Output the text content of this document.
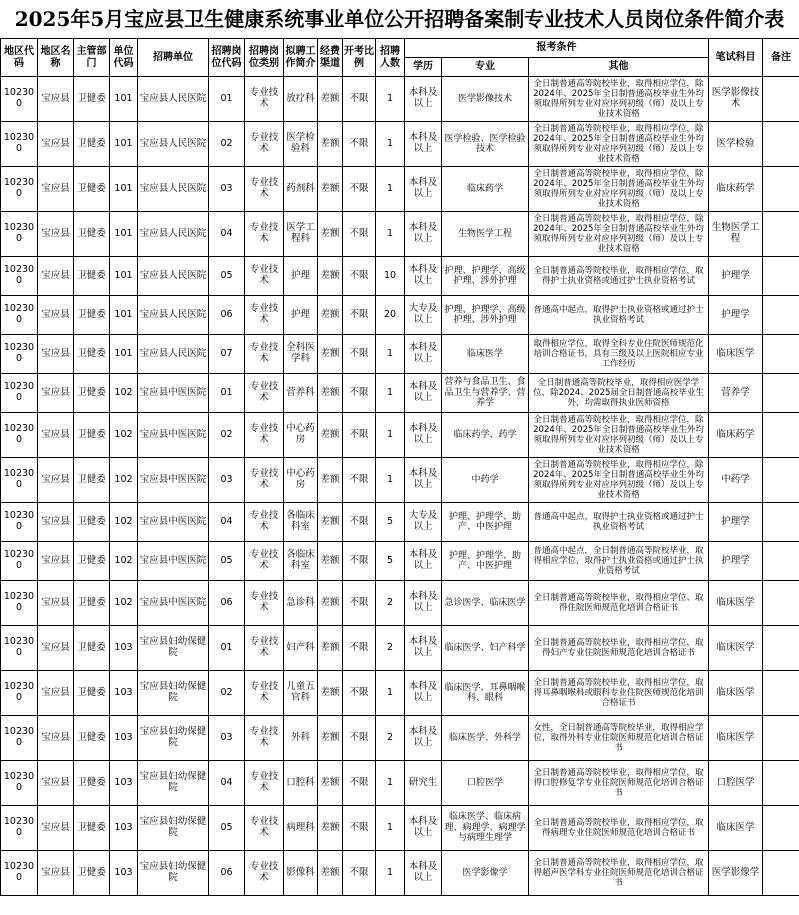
2025年5月宝应县卫生健康系统事业单位公开招聘备案制专业技术人员岗位条件简介表
地区代码	地区名称	主管部门	单位代码	招聘单位	招聘岗位代码	招聘岗位类别	拟聘工作简介	经费渠道	开考比例	招聘人数	报考条件			笔试科目	备注
											学历	专业	其他		
102300	宝应县	卫健委	101	宝应县人民医院	01	专业技术	放疗科	差额	不限	1	本科及以上	医学影像技术	全日制普通高等院校毕业，取得相应学位，除2024年、2025年全日制普通高校毕业生外均须取得所列专业对应序列初级（师）及以上专业技术资格	医学影像技术	
102300	宝应县	卫健委	101	宝应县人民医院	02	专业技术	医学检验科	差额	不限	1	本科及以上	医学检验、医学检验技术	全日制普通高等院校毕业，取得相应学位，除2024年、2025年全日制普通高校毕业生外均须取得所列专业对应序列初级（师）及以上专业技术资格	医学检验	
102300	宝应县	卫健委	101	宝应县人民医院	03	专业技术	药剂科	差额	不限	1	本科及以上	临床药学	全日制普通高等院校毕业，取得相应学位，除2024年、2025年全日制普通高校毕业生外均须取得所列专业对应序列初级（师）及以上专业技术资格	临床药学	
102300	宝应县	卫健委	101	宝应县人民医院	04	专业技术	医学工程科	差额	不限	1	本科及以上	生物医学工程	全日制普通高等院校毕业，取得相应学位，除2024年、2025年全日制普通高校毕业生外均须取得所列专业对应序列初级（师）及以上专业技术资格	生物医学工程	
102300	宝应县	卫健委	101	宝应县人民医院	05	专业技术	护理	差额	不限	10	本科及以上	护理、护理学、高级护理、涉外护理	全日制普通高等院校毕业，取得相应学位，取得护士执业资格或通过护士执业资格考试	护理学	
102300	宝应县	卫健委	101	宝应县人民医院	06	专业技术	护理	差额	不限	20	大专及以上	护理、护理学、高级护理、涉外护理	普通高中起点，取得护士执业资格或通过护士执业资格考试	护理学	
102300	宝应县	卫健委	101	宝应县人民医院	07	专业技术	全科医学科	差额	不限	1	本科及以上	临床医学	取得相应学位，取得全科专业住院医师规范化培训合格证书，具有三级及以上医院相应专业工作经历	临床医学	
102300	宝应县	卫健委	102	宝应县中医医院	01	专业技术	营养科	差额	不限	1	本科及以上	营养与食品卫生、食品卫生与营养学、营养学	全日制普通高等院校毕业，取得相应医学学位，除2024、2025届全日制普通高校毕业生外，均需取得执业医师资格	营养学	
102300	宝应县	卫健委	102	宝应县中医医院	02	专业技术	中心药房	差额	不限	1	本科及以上	临床药学、药学	全日制普通高等院校毕业，取得相应学位，除2024年、2025年全日制普通高校毕业生外均须取得所列专业对应序列初级（师）及以上专业技术资格	临床药学	
102300	宝应县	卫健委	102	宝应县中医医院	03	专业技术	中心药房	差额	不限	1	本科及以上	中药学	全日制普通高等院校毕业，取得相应学位，除2024年、2025年全日制普通高校毕业生外均须取得所列专业对应序列初级（师）及以上专业技术资格	中药学	
102300	宝应县	卫健委	102	宝应县中医医院	04	专业技术	各临床科室	差额	不限	5	大专及以上	护理、护理学、助产、中医护理	普通高中起点，取得护士执业资格或通过护士执业资格考试	护理学	
102300	宝应县	卫健委	102	宝应县中医医院	05	专业技术	各临床科室	差额	不限	5	本科及以上	护理、护理学、助产、中医护理	普通高中起点，全日制普通高等院校毕业，取得相应学位，取得护士执业资格或通过护士执业资格考试	护理学	
102300	宝应县	卫健委	102	宝应县中医医院	06	专业技术	急诊科	差额	不限	2	本科及以上	急诊医学、临床医学	全日制普通高等院校毕业，取得相应学位、取得住院医师规范化培训合格证书	临床医学	
102300	宝应县	卫健委	103	宝应县妇幼保健院	01	专业技术	妇产科	差额	不限	2	本科及以上	临床医学、妇产科学	全日制普通高等院校毕业，取得相应学位，取得妇产专业住院医师规范化培训合格证书	临床医学	
102300	宝应县	卫健委	103	宝应县妇幼保健院	02	专业技术	儿童五官科	差额	不限	1	本科及以上	临床医学、耳鼻咽喉科、眼科	全日制普通高等院校毕业，取得相应学位，取得耳鼻咽喉科或眼科专业住院医师规范化培训合格证书	临床医学	
102300	宝应县	卫健委	103	宝应县妇幼保健院	03	专业技术	外科	差额	不限	2	本科及以上	临床医学、外科学	女性，全日制普通高等院校毕业，取得相应学位，取得外科专业住院医师规范化培训合格证书	临床医学	
102300	宝应县	卫健委	103	宝应县妇幼保健院	04	专业技术	口腔科	差额	不限	1	研究生	口腔医学	全日制普通高等院校毕业，取得相应学位，取得口腔修复学专业住院医师规范化培训合格证书	口腔医学	
102300	宝应县	卫健委	103	宝应县妇幼保健院	05	专业技术	病理科	差额	不限	1	本科及以上	临床医学、临床病理、病理学、病理学与病理生理学	全日制普通高等院校毕业，取得相应学位，取得病理专业住院医师规范化培训合格证书	临床医学	
102300	宝应县	卫健委	103	宝应县妇幼保健院	06	专业技术	影像科	差额	不限	1	本科及以上	医学影像学	全日制普通高等院校毕业，取得相应学位，取得超声医学科专业住院医师规范化培训合格证书	医学影像学	
